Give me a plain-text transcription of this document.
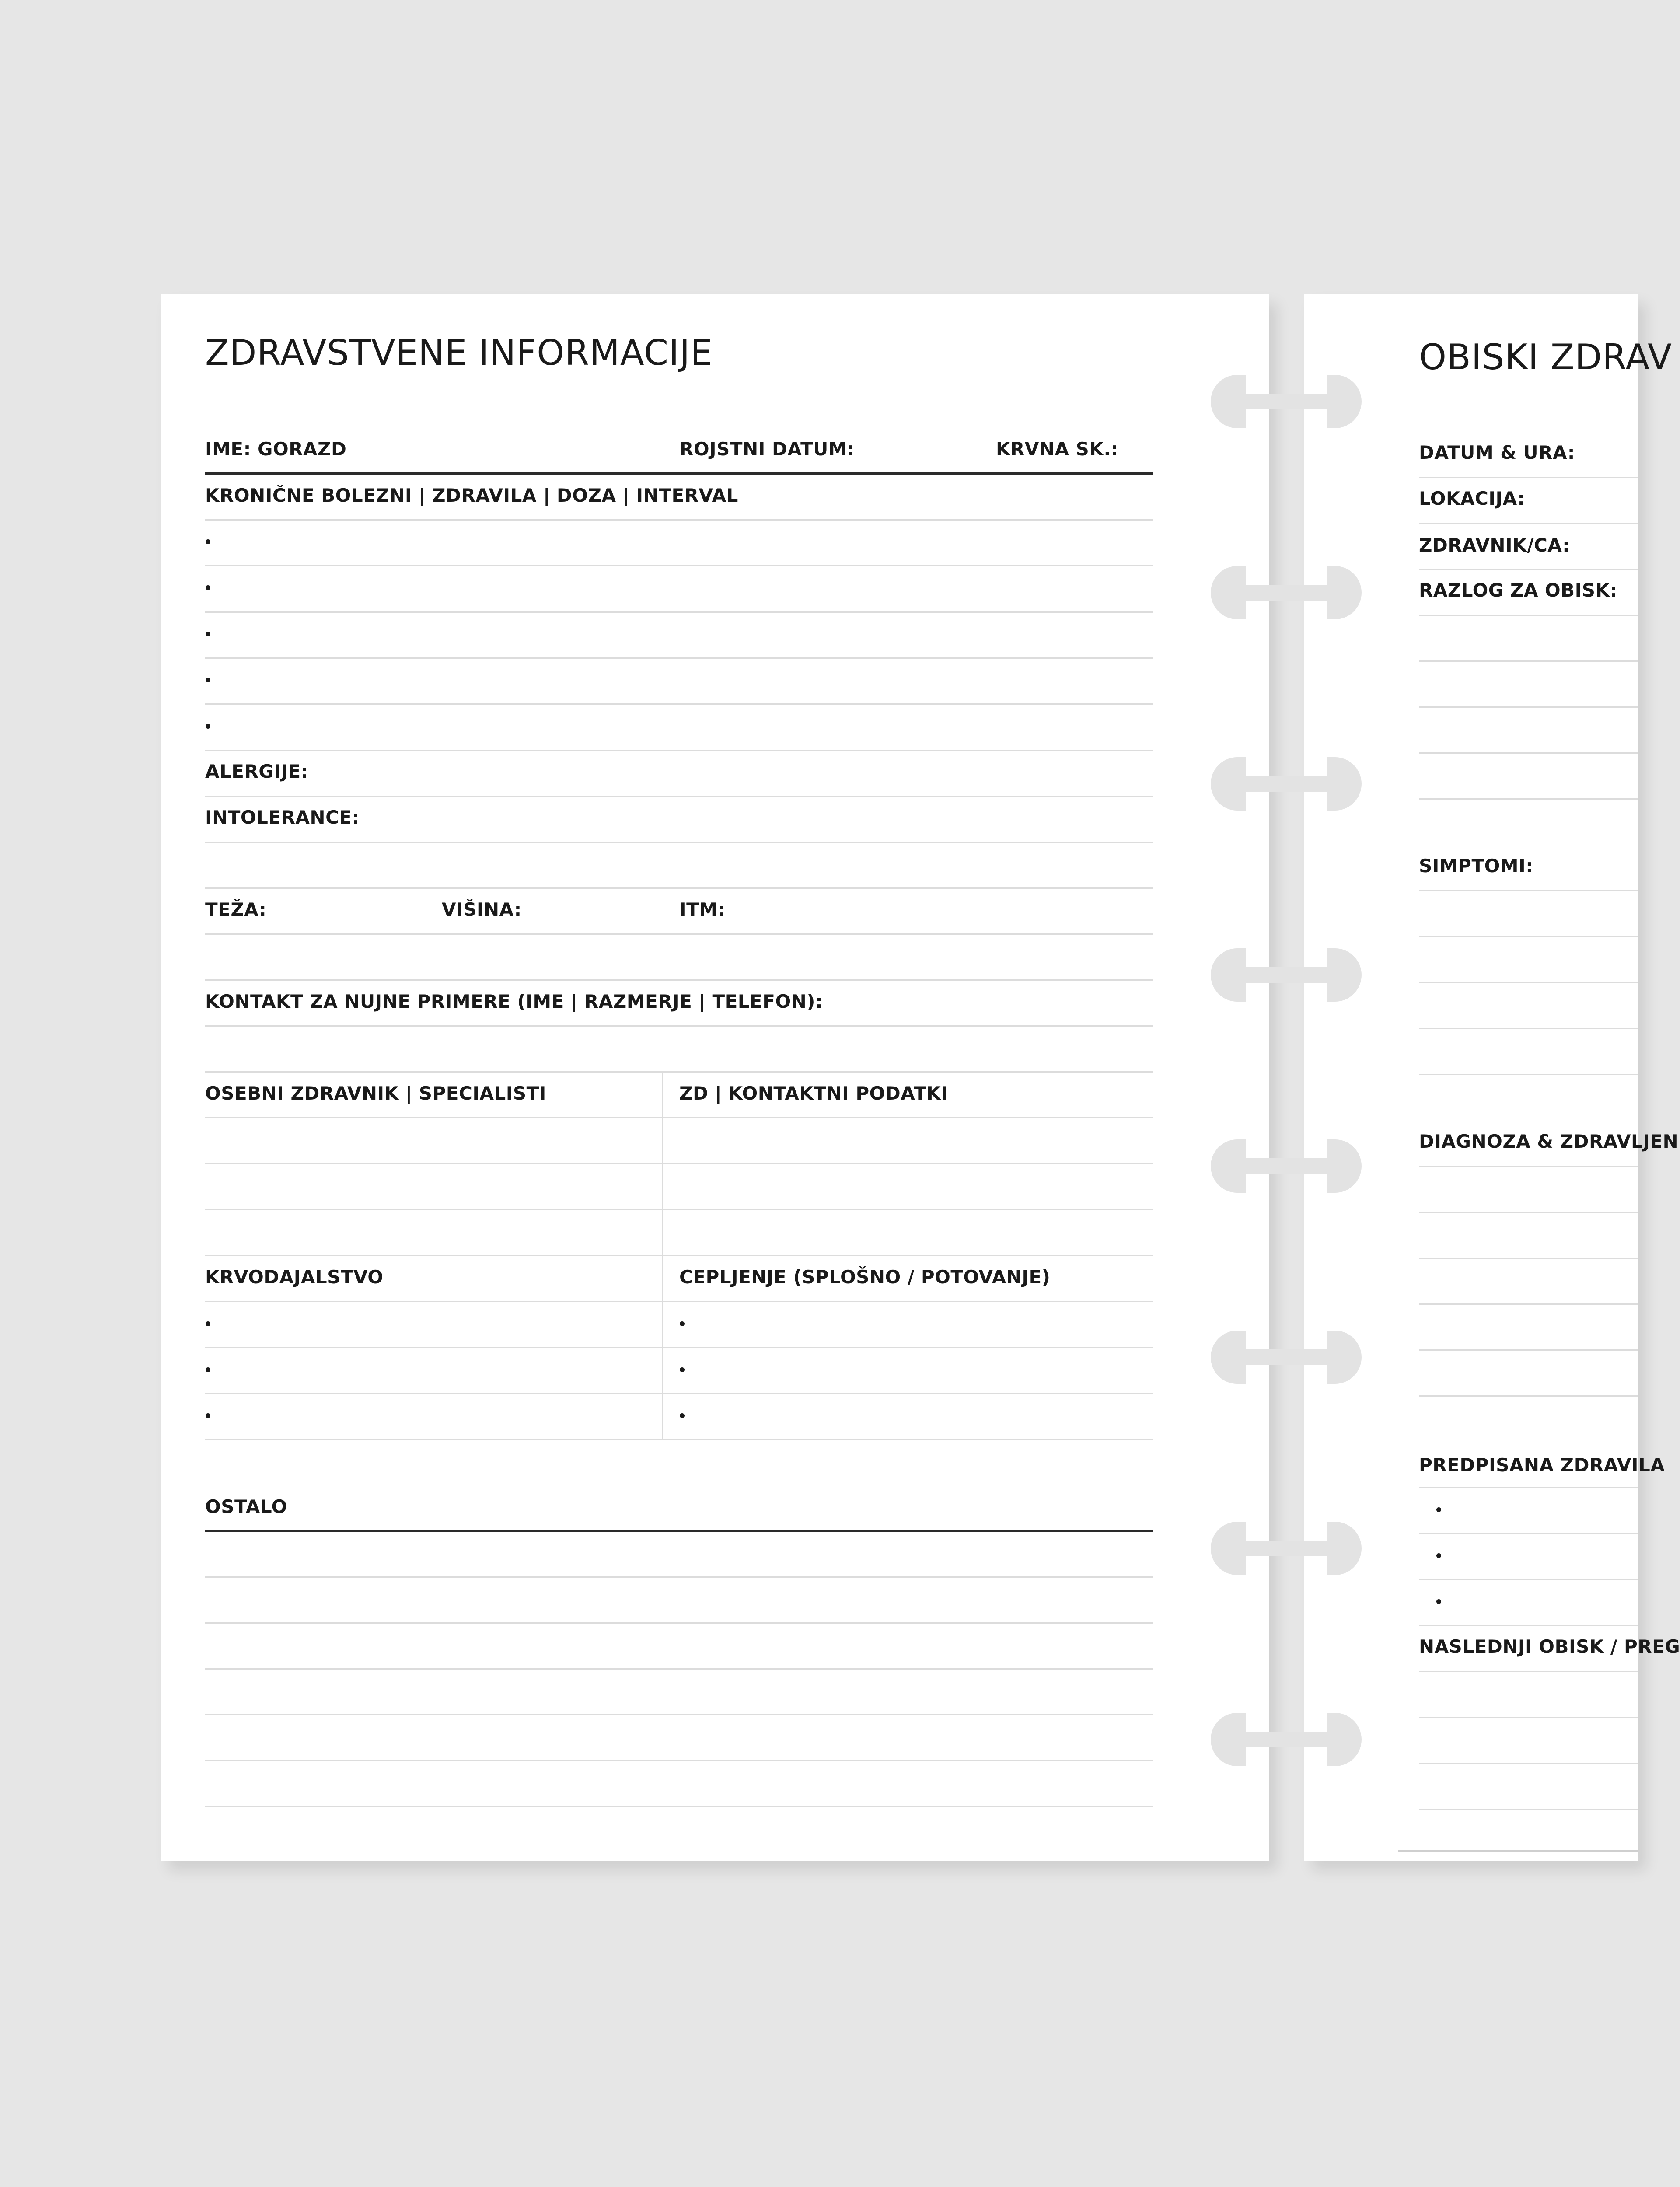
ZDRAVSTVENE INFORMACIJE
IME: GORAZD	ROJSTNI DATUM:	KRVNA SK.:
KRONIČNE BOLEZNI | ZDRAVILA | DOZA | INTERVAL
ALERGIJE:
INTOLERANCE:
TEŽA:	VIŠINA:	ITM:
KONTAKT ZA NUJNE PRIMERE (IME | RAZMERJE | TELEFON):
OSEBNI ZDRAVNIK | SPECIALISTI	ZD | KONTAKTNI PODATKI
KRVODAJALSTVO	CEPLJENJE (SPLOŠNO / POTOVANJE)
OSTALO
OBISKI ZDRAV
DATUM & URA:
LOKACIJA:
ZDRAVNIK/CA:
RAZLOG ZA OBISK:
SIMPTOMI:
DIAGNOZA & ZDRAVLJEN
PREDPISANA ZDRAVILA
NASLEDNJI OBISK / PREG
